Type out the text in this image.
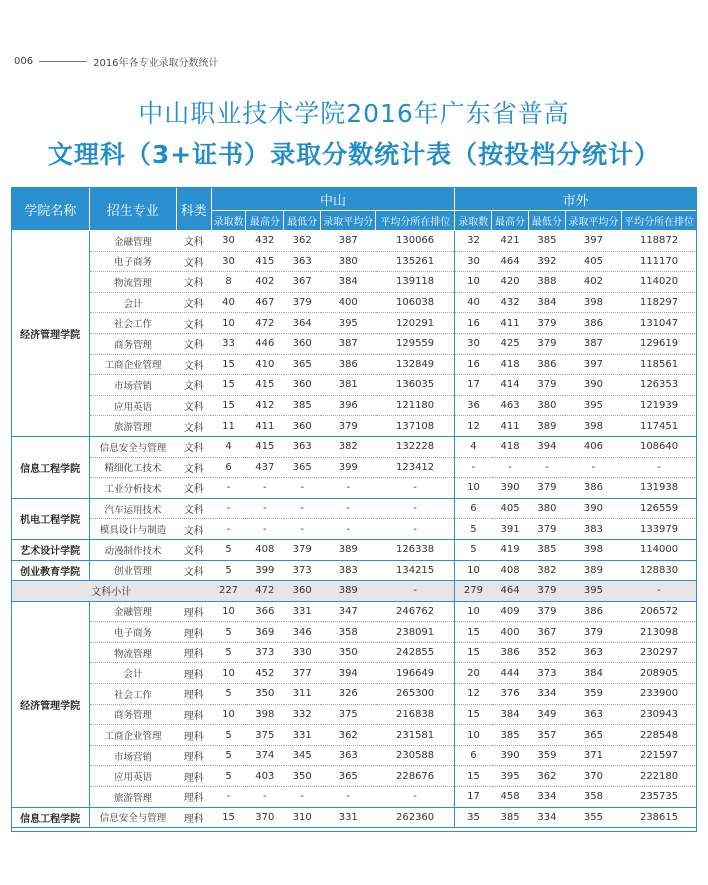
006	2016年各专业录取分数统计
中山职业技术学院2016年广东省普高
文理科（3+证书）录取分数统计表（按投档分统计）
学院名称	招生专业	科类	中山					市外				
			录取数	最高分	最低分	录取平均分	平均分所在排位	录取数	最高分	最低分	录取平均分	平均分所在排位
经济管理学院	金融管理	文科	30	432	362	387	130066	32	421	385	397	118872
	电子商务	文科	30	415	363	380	135261	30	464	392	405	111170
	物流管理	文科	8	402	367	384	139118	10	420	388	402	114020
	会计	文科	40	467	379	400	106038	40	432	384	398	118297
	社会工作	文科	10	472	364	395	120291	16	411	379	386	131047
	商务管理	文科	33	446	360	387	129559	30	425	379	387	129619
	工商企业管理	文科	15	410	365	386	132849	16	418	386	397	118561
	市场营销	文科	15	415	360	381	136035	17	414	379	390	126353
	应用英语	文科	15	412	385	396	121180	36	463	380	395	121939
	旅游管理	文科	11	411	360	379	137108	12	411	389	398	117451
信息工程学院	信息安全与管理	文科	4	415	363	382	132228	4	418	394	406	108640
	精细化工技术	文科	6	437	365	399	123412	-	-	-	-	-
	工业分析技术	文科	-	-	-	-	-	10	390	379	386	131938
机电工程学院	汽车运用技术	文科	-	-	-	-	-	6	405	380	390	126559
	模具设计与制造	文科	-	-	-	-	-	5	391	379	383	133979
艺术设计学院	动漫制作技术	文科	5	408	379	389	126338	5	419	385	398	114000
创业教育学院	创业管理	文科	5	399	373	383	134215	10	408	382	389	128830
文科小计			227	472	360	389	-	279	464	379	395	-
经济管理学院	金融管理	理科	10	366	331	347	246762	10	409	379	386	206572
	电子商务	理科	5	369	346	358	238091	15	400	367	379	213098
	物流管理	理科	5	373	330	350	242855	15	386	352	363	230297
	会计	理科	10	452	377	394	196649	20	444	373	384	208905
	社会工作	理科	5	350	311	326	265300	12	376	334	359	233900
	商务管理	理科	10	398	332	375	216838	15	384	349	363	230943
	工商企业管理	理科	5	375	331	362	231581	10	385	357	365	228548
	市场营销	理科	5	374	345	363	230588	6	390	359	371	221597
	应用英语	理科	5	403	350	365	228676	15	395	362	370	222180
	旅游管理	理科	-	-	-	-	-	17	458	334	358	235735
信息工程学院	信息安全与管理	理科	15	370	310	331	262360	35	385	334	355	238615
